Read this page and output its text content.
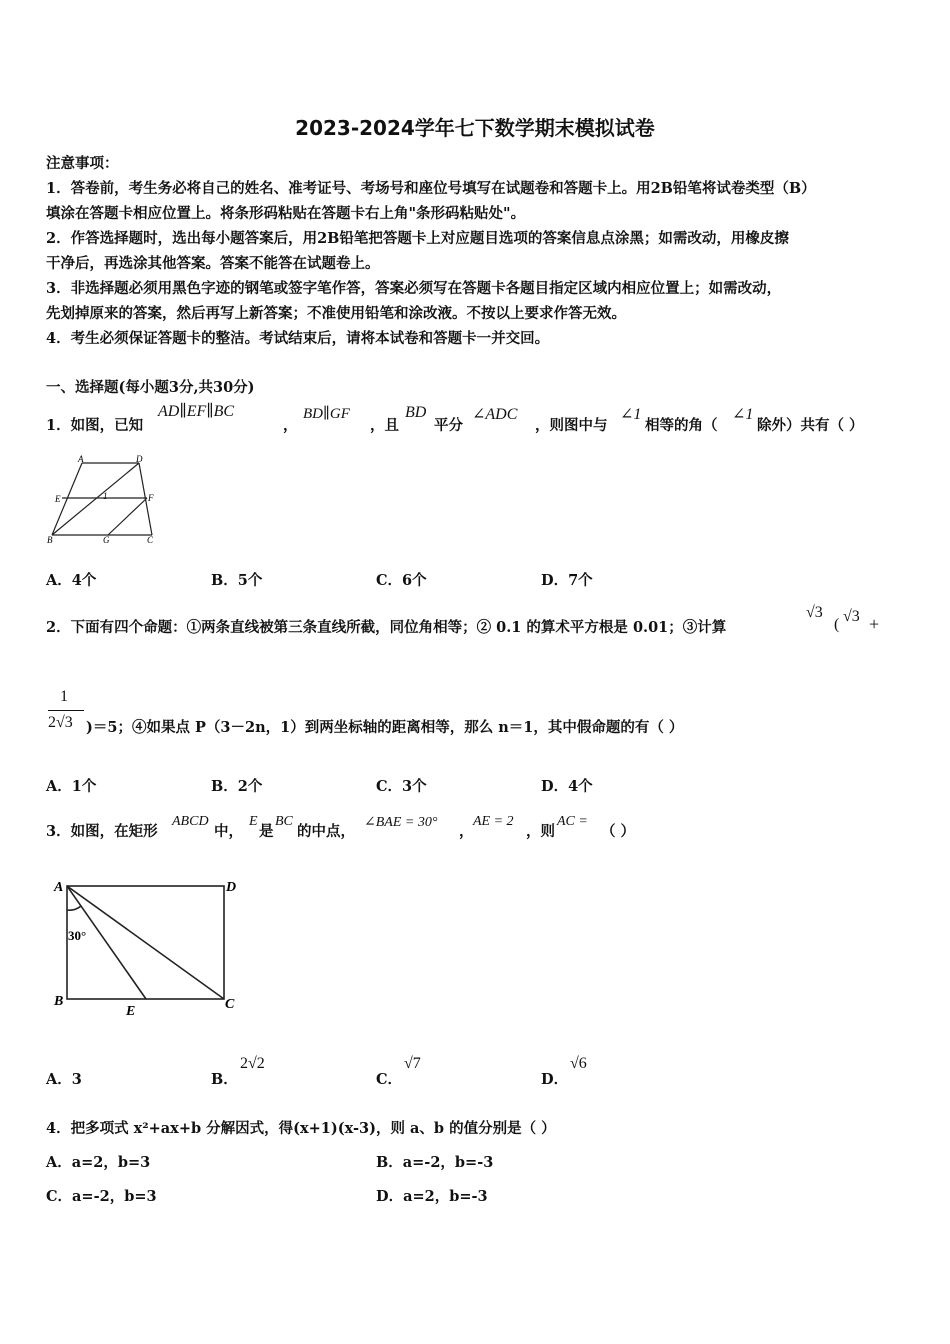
2023-2024学年七下数学期末模拟试卷
注意事项：
1．答卷前，考生务必将自己的姓名、准考证号、考场号和座位号填写在试题卷和答题卡上。用2B铅笔将试卷类型（B）
填涂在答题卡相应位置上。将条形码粘贴在答题卡右上角"条形码粘贴处"。
2．作答选择题时，选出每小题答案后，用2B铅笔把答题卡上对应题目选项的答案信息点涂黑；如需改动，用橡皮擦
干净后，再选涂其他答案。答案不能答在试题卷上。
3．非选择题必须用黑色字迹的钢笔或签字笔作答，答案必须写在答题卡各题目指定区域内相应位置上；如需改动，
先划掉原来的答案，然后再写上新答案；不准使用铅笔和涂改液。不按以上要求作答无效。
4．考生必须保证答题卡的整洁。考试结束后，请将本试卷和答题卡一并交回。
一、选择题(每小题3分,共30分)
1．如图，已知
AD∥EF∥BC
，
BD∥GF
，且
BD
平分
∠ADC
，则图中与
∠1
相等的角（
∠1
除外）共有（ ）
A	D
E	1	F
B	G	C
A．4个	B．5个	C．6个	D．7个
2．下面有四个命题：①两条直线被第三条直线所截，同位角相等；② 0.1 的算术平方根是 0.01；③计算
√3
( √3 +
1
2√3 )＝5；④如果点 P（3－2n，1）到两坐标轴的距离相等，那么 n＝1，其中假命题的有（ ）
A．1个	B．2个	C．3个	D．4个
3．如图，在矩形
ABCD
中，
E
是
BC
的中点，
∠BAE = 30°
，
AE = 2
，则
AC =
（ ）
A	D
B	C
E
30°
A．3	B．
2√2
C．
√7
D．
√6
4．把多项式 x²+ax+b 分解因式，得(x+1)(x-3)，则 a、b 的值分别是（ ）
A．a=2，b=3	B．a=-2，b=-3
C．a=-2，b=3	D．a=2，b=-3
